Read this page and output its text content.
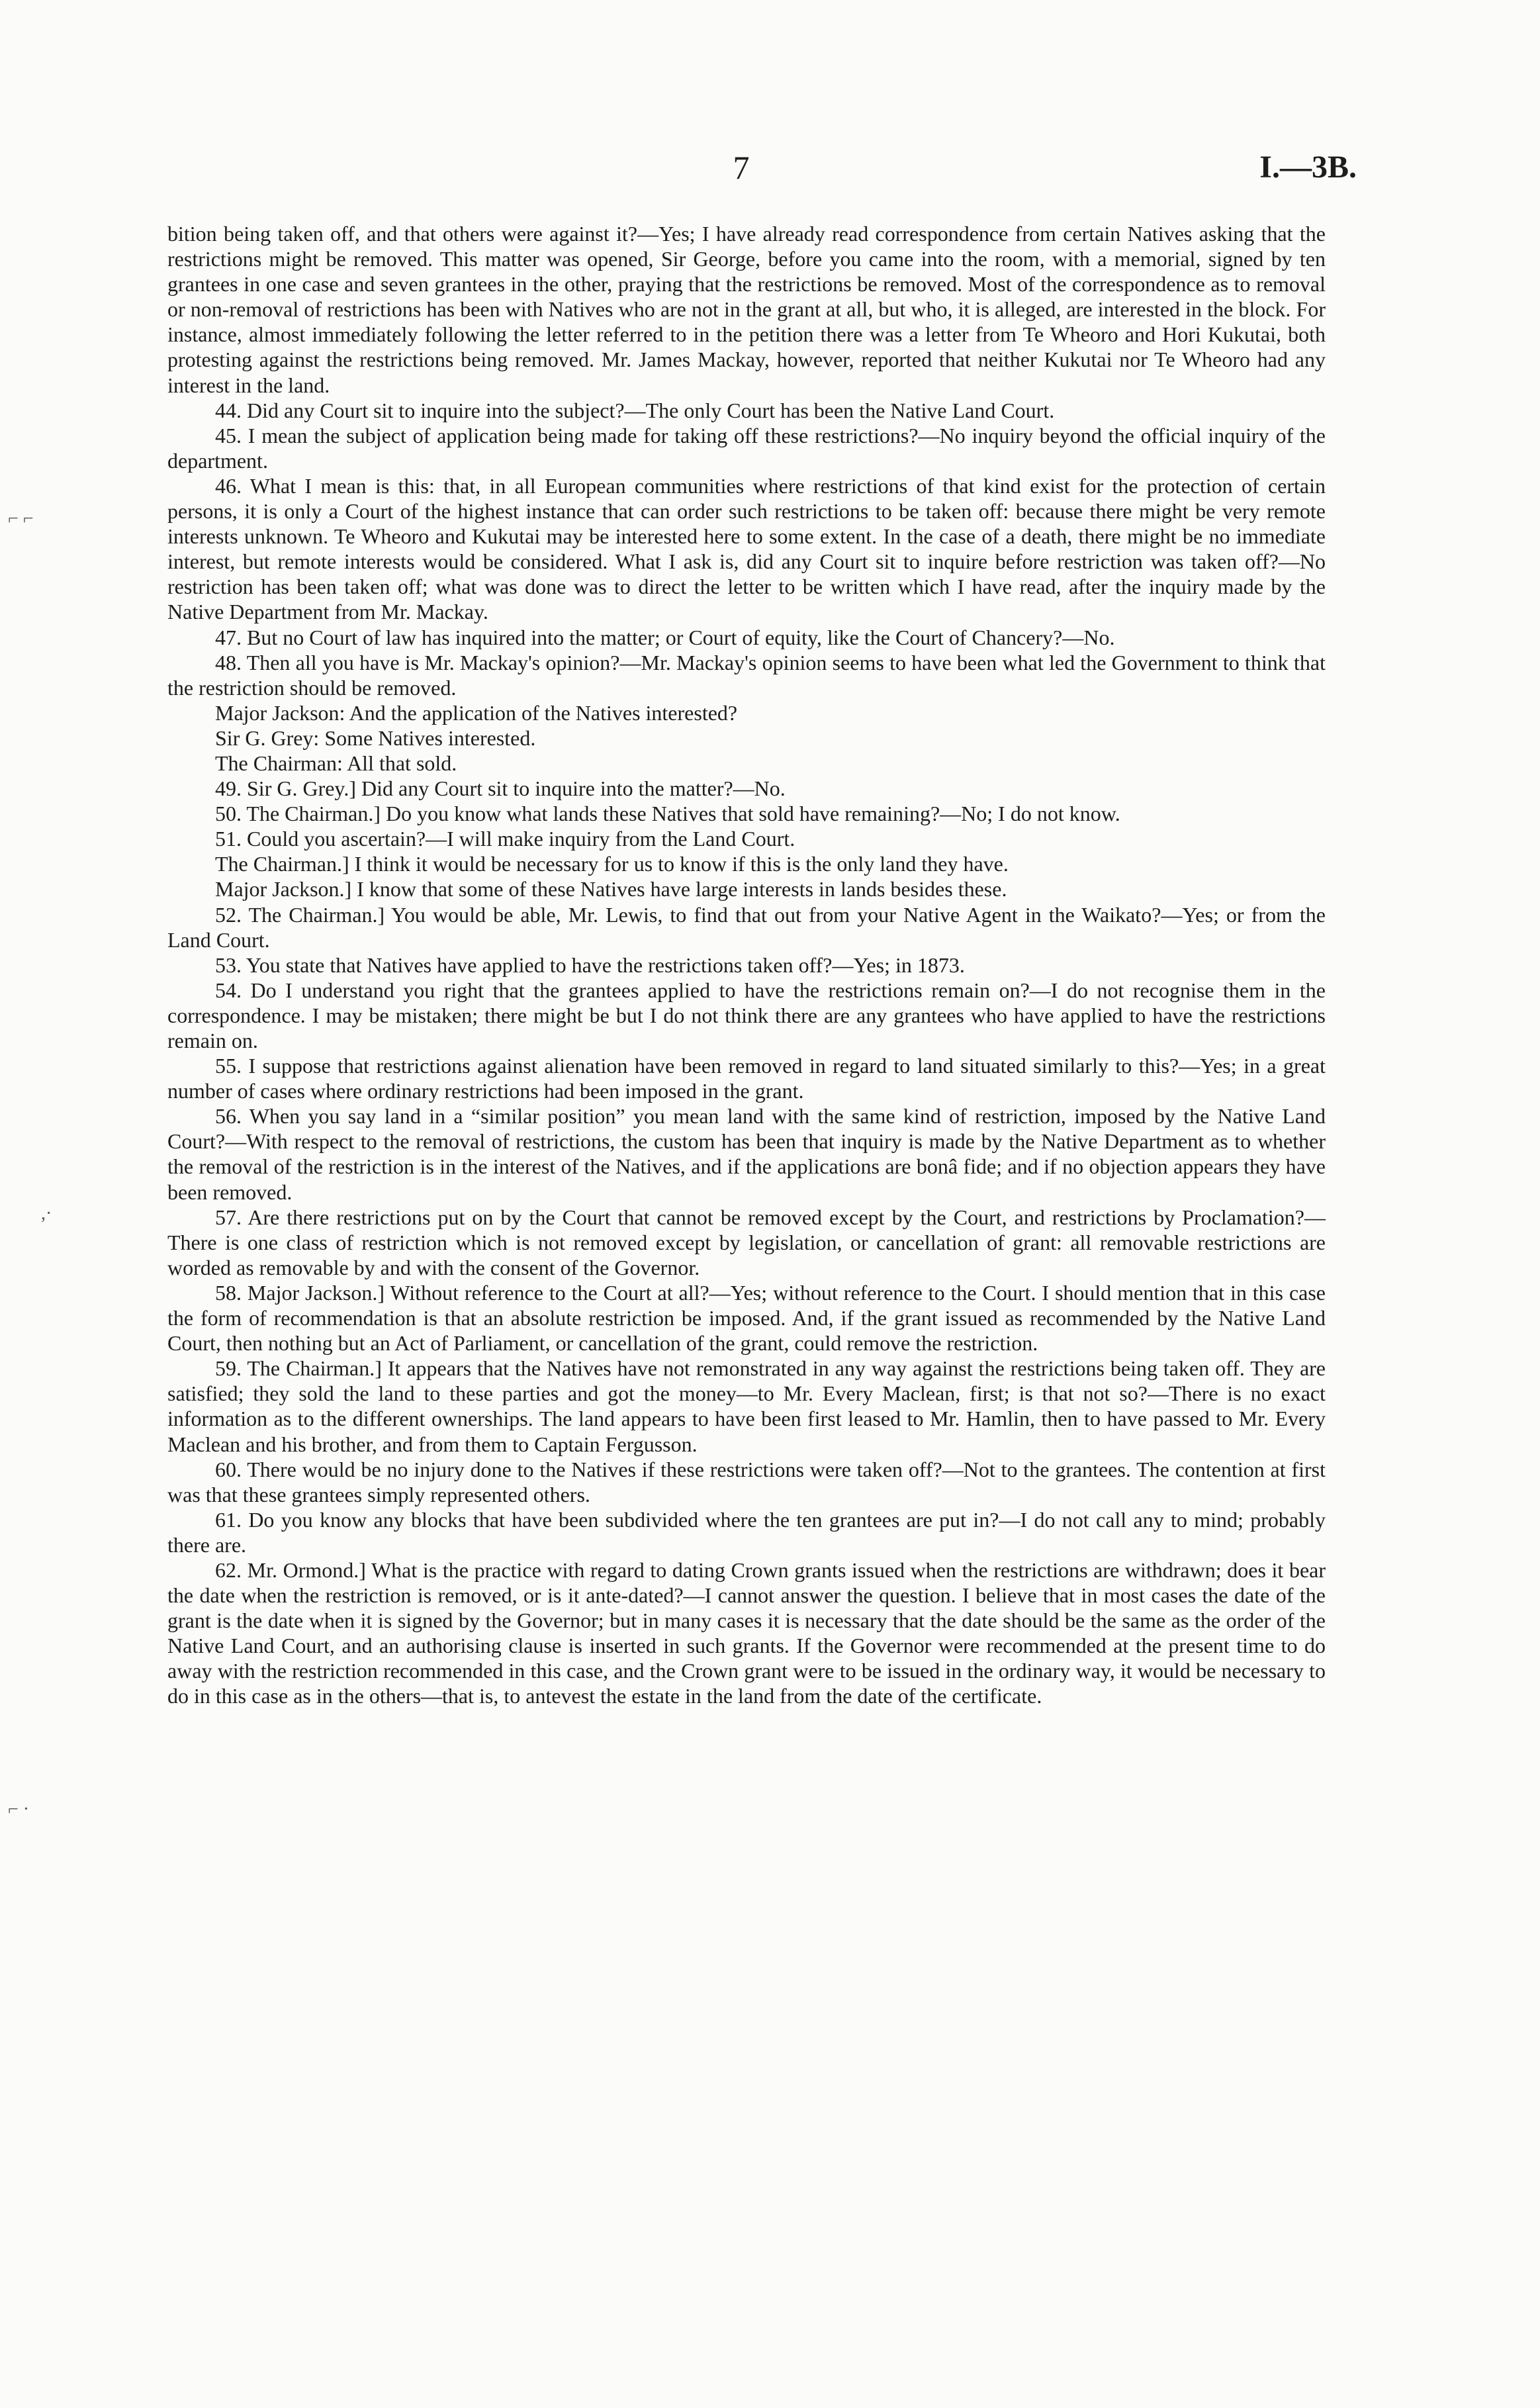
7	I.—3B.
⌐ ⌐
,·
⌐ ·

bition being taken off, and that others were against it?—Yes; I have already read correspondence from certain Natives asking that the restrictions might be removed. This matter was opened, Sir George, before you came into the room, with a memorial, signed by ten grantees in one case and seven grantees in the other, praying that the restrictions be removed. Most of the correspondence as to removal or non-removal of restrictions has been with Natives who are not in the grant at all, but who, it is alleged, are interested in the block. For instance, almost immediately following the letter referred to in the petition there was a letter from Te Wheoro and Hori Kukutai, both protesting against the restrictions being removed. Mr. James Mackay, however, reported that neither Kukutai nor Te Wheoro had any interest in the land.

44. Did any Court sit to inquire into the subject?—The only Court has been the Native Land Court.

45. I mean the subject of application being made for taking off these restrictions?—No inquiry beyond the official inquiry of the department.

46. What I mean is this: that, in all European communities where restrictions of that kind exist for the protection of certain persons, it is only a Court of the highest instance that can order such restrictions to be taken off: because there might be very remote interests unknown. Te Wheoro and Kukutai may be interested here to some extent. In the case of a death, there might be no immediate interest, but remote interests would be considered. What I ask is, did any Court sit to inquire before restriction was taken off?—No restriction has been taken off; what was done was to direct the letter to be written which I have read, after the inquiry made by the Native Department from Mr. Mackay.

47. But no Court of law has inquired into the matter; or Court of equity, like the Court of Chancery?—No.

48. Then all you have is Mr. Mackay's opinion?—Mr. Mackay's opinion seems to have been what led the Government to think that the restriction should be removed.

Major Jackson: And the application of the Natives interested?

Sir G. Grey: Some Natives interested.

The Chairman: All that sold.

49. Sir G. Grey.] Did any Court sit to inquire into the matter?—No.

50. The Chairman.] Do you know what lands these Natives that sold have remaining?—No; I do not know.

51. Could you ascertain?—I will make inquiry from the Land Court.

The Chairman.] I think it would be necessary for us to know if this is the only land they have.

Major Jackson.] I know that some of these Natives have large interests in lands besides these.

52. The Chairman.] You would be able, Mr. Lewis, to find that out from your Native Agent in the Waikato?—Yes; or from the Land Court.

53. You state that Natives have applied to have the restrictions taken off?—Yes; in 1873.

54. Do I understand you right that the grantees applied to have the restrictions remain on?—I do not recognise them in the correspondence. I may be mistaken; there might be but I do not think there are any grantees who have applied to have the restrictions remain on.

55. I suppose that restrictions against alienation have been removed in regard to land situated similarly to this?—Yes; in a great number of cases where ordinary restrictions had been imposed in the grant.

56. When you say land in a “similar position” you mean land with the same kind of restriction, imposed by the Native Land Court?—With respect to the removal of restrictions, the custom has been that inquiry is made by the Native Department as to whether the removal of the restriction is in the interest of the Natives, and if the applications are bonâ fide; and if no objection appears they have been removed.

57. Are there restrictions put on by the Court that cannot be removed except by the Court, and restrictions by Proclamation?—There is one class of restriction which is not removed except by legislation, or cancellation of grant: all removable restrictions are worded as removable by and with the consent of the Governor.

58. Major Jackson.] Without reference to the Court at all?—Yes; without reference to the Court. I should mention that in this case the form of recommendation is that an absolute restriction be imposed. And, if the grant issued as recommended by the Native Land Court, then nothing but an Act of Parliament, or cancellation of the grant, could remove the restriction.

59. The Chairman.] It appears that the Natives have not remonstrated in any way against the restrictions being taken off. They are satisfied; they sold the land to these parties and got the money—to Mr. Every Maclean, first; is that not so?—There is no exact information as to the different ownerships. The land appears to have been first leased to Mr. Hamlin, then to have passed to Mr. Every Maclean and his brother, and from them to Captain Fergusson.

60. There would be no injury done to the Natives if these restrictions were taken off?—Not to the grantees. The contention at first was that these grantees simply represented others.

61. Do you know any blocks that have been subdivided where the ten grantees are put in?—I do not call any to mind; probably there are.

62. Mr. Ormond.] What is the practice with regard to dating Crown grants issued when the restrictions are withdrawn; does it bear the date when the restriction is removed, or is it ante-dated?—I cannot answer the question. I believe that in most cases the date of the grant is the date when it is signed by the Governor; but in many cases it is necessary that the date should be the same as the order of the Native Land Court, and an authorising clause is inserted in such grants. If the Governor were recommended at the present time to do away with the restriction recommended in this case, and the Crown grant were to be issued in the ordinary way, it would be necessary to do in this case as in the others—that is, to antevest the estate in the land from the date of the certificate.
